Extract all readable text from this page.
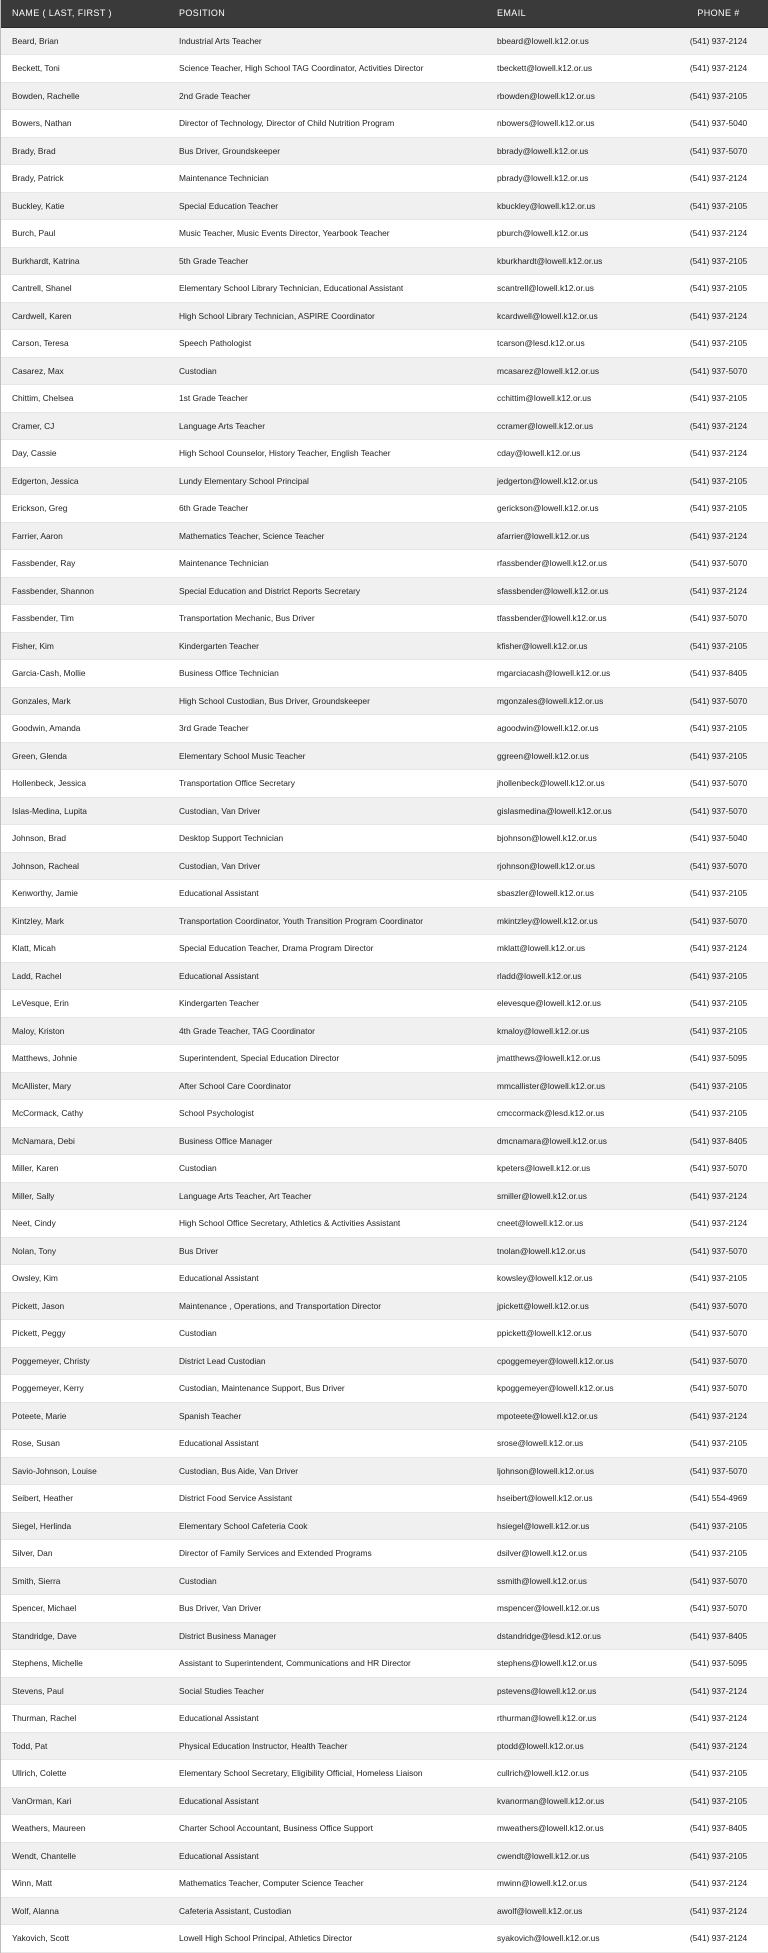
NAME ( LAST, FIRST )	POSITION	EMAIL	PHONE #
Beard, Brian	Industrial Arts Teacher	bbeard@lowell.k12.or.us	(541) 937-2124
Beckett, Toni	Science Teacher, High School TAG Coordinator, Activities Director	tbeckett@lowell.k12.or.us	(541) 937-2124
Bowden, Rachelle	2nd Grade Teacher	rbowden@lowell.k12.or.us	(541) 937-2105
Bowers, Nathan	Director of Technology, Director of Child Nutrition Program	nbowers@lowell.k12.or.us	(541) 937-5040
Brady, Brad	Bus Driver, Groundskeeper	bbrady@lowell.k12.or.us	(541) 937-5070
Brady, Patrick	Maintenance Technician	pbrady@lowell.k12.or.us	(541) 937-2124
Buckley, Katie	Special Education Teacher	kbuckley@lowell.k12.or.us	(541) 937-2105
Burch, Paul	Music Teacher, Music Events Director, Yearbook Teacher	pburch@lowell.k12.or.us	(541) 937-2124
Burkhardt, Katrina	5th Grade Teacher	kburkhardt@lowell.k12.or.us	(541) 937-2105
Cantrell, Shanel	Elementary School Library Technician, Educational Assistant	scantrell@lowell.k12.or.us	(541) 937-2105
Cardwell, Karen	High School Library Technician, ASPIRE Coordinator	kcardwell@lowell.k12.or.us	(541) 937-2124
Carson, Teresa	Speech Pathologist	tcarson@lesd.k12.or.us	(541) 937-2105
Casarez, Max	Custodian	mcasarez@lowell.k12.or.us	(541) 937-5070
Chittim, Chelsea	1st Grade Teacher	cchittim@lowell.k12.or.us	(541) 937-2105
Cramer, CJ	Language Arts Teacher	ccramer@lowell.k12.or.us	(541) 937-2124
Day, Cassie	High School Counselor, History Teacher, English Teacher	cday@lowell.k12.or.us	(541) 937-2124
Edgerton, Jessica	Lundy Elementary School Principal	jedgerton@lowell.k12.or.us	(541) 937-2105
Erickson, Greg	6th Grade Teacher	gerickson@lowell.k12.or.us	(541) 937-2105
Farrier, Aaron	Mathematics Teacher, Science Teacher	afarrier@lowell.k12.or.us	(541) 937-2124
Fassbender, Ray	Maintenance Technician	rfassbender@lowell.k12.or.us	(541) 937-5070
Fassbender, Shannon	Special Education and District Reports Secretary	sfassbender@lowell.k12.or.us	(541) 937-2124
Fassbender, Tim	Transportation Mechanic, Bus Driver	tfassbender@lowell.k12.or.us	(541) 937-5070
Fisher, Kim	Kindergarten Teacher	kfisher@lowell.k12.or.us	(541) 937-2105
Garcia-Cash, Mollie	Business Office Technician	mgarciacash@lowell.k12.or.us	(541) 937-8405
Gonzales, Mark	High School Custodian, Bus Driver, Groundskeeper	mgonzales@lowell.k12.or.us	(541) 937-5070
Goodwin, Amanda	3rd Grade Teacher	agoodwin@lowell.k12.or.us	(541) 937-2105
Green, Glenda	Elementary School Music Teacher	ggreen@lowell.k12.or.us	(541) 937-2105
Hollenbeck, Jessica	Transportation Office Secretary	jhollenbeck@lowell.k12.or.us	(541) 937-5070
Islas-Medina, Lupita	Custodian, Van Driver	gislasmedina@lowell.k12.or.us	(541) 937-5070
Johnson, Brad	Desktop Support Technician	bjohnson@lowell.k12.or.us	(541) 937-5040
Johnson, Racheal	Custodian, Van Driver	rjohnson@lowell.k12.or.us	(541) 937-5070
Kenworthy, Jamie	Educational Assistant	sbaszler@lowell.k12.or.us	(541) 937-2105
Kintzley, Mark	Transportation Coordinator, Youth Transition Program Coordinator	mkintzley@lowell.k12.or.us	(541) 937-5070
Klatt, Micah	Special Education Teacher, Drama Program Director	mklatt@lowell.k12.or.us	(541) 937-2124
Ladd, Rachel	Educational Assistant	rladd@lowell.k12.or.us	(541) 937-2105
LeVesque, Erin	Kindergarten Teacher	elevesque@lowell.k12.or.us	(541) 937-2105
Maloy, Kriston	4th Grade Teacher, TAG Coordinator	kmaloy@lowell.k12.or.us	(541) 937-2105
Matthews, Johnie	Superintendent, Special Education Director	jmatthews@lowell.k12.or.us	(541) 937-5095
McAllister, Mary	After School Care Coordinator	mmcallister@lowell.k12.or.us	(541) 937-2105
McCormack, Cathy	School Psychologist	cmccormack@lesd.k12.or.us	(541) 937-2105
McNamara, Debi	Business Office Manager	dmcnamara@lowell.k12.or.us	(541) 937-8405
Miller, Karen	Custodian	kpeters@lowell.k12.or.us	(541) 937-5070
Miller, Sally	Language Arts Teacher, Art Teacher	smiller@lowell.k12.or.us	(541) 937-2124
Neet, Cindy	High School Office Secretary, Athletics & Activities Assistant	cneet@lowell.k12.or.us	(541) 937-2124
Nolan, Tony	Bus Driver	tnolan@lowell.k12.or.us	(541) 937-5070
Owsley, Kim	Educational Assistant	kowsley@lowell.k12.or.us	(541) 937-2105
Pickett, Jason	Maintenance , Operations, and Transportation Director	jpickett@lowell.k12.or.us	(541) 937-5070
Pickett, Peggy	Custodian	ppickett@lowell.k12.or.us	(541) 937-5070
Poggemeyer, Christy	District Lead Custodian	cpoggemeyer@lowell.k12.or.us	(541) 937-5070
Poggemeyer, Kerry	Custodian, Maintenance Support, Bus Driver	kpoggemeyer@lowell.k12.or.us	(541) 937-5070
Poteete, Marie	Spanish Teacher	mpoteete@lowell.k12.or.us	(541) 937-2124
Rose, Susan	Educational Assistant	srose@lowell.k12.or.us	(541) 937-2105
Savio-Johnson, Louise	Custodian, Bus Aide, Van Driver	ljohnson@lowell.k12.or.us	(541) 937-5070
Seibert, Heather	District Food Service Assistant	hseibert@lowell.k12.or.us	(541) 554-4969
Siegel, Herlinda	Elementary School Cafeteria Cook	hsiegel@lowell.k12.or.us	(541) 937-2105
Silver, Dan	Director of Family Services and Extended Programs	dsilver@lowell.k12.or.us	(541) 937-2105
Smith, Sierra	Custodian	ssmith@lowell.k12.or.us	(541) 937-5070
Spencer, Michael	Bus Driver, Van Driver	mspencer@lowell.k12.or.us	(541) 937-5070
Standridge, Dave	District Business Manager	dstandridge@lesd.k12.or.us	(541) 937-8405
Stephens, Michelle	Assistant to Superintendent, Communications and HR Director	stephens@lowell.k12.or.us	(541) 937-5095
Stevens, Paul	Social Studies Teacher	pstevens@lowell.k12.or.us	(541) 937-2124
Thurman, Rachel	Educational Assistant	rthurman@lowell.k12.or.us	(541) 937-2124
Todd, Pat	Physical Education Instructor, Health Teacher	ptodd@lowell.k12.or.us	(541) 937-2124
Ullrich, Colette	Elementary School Secretary, Eligibility Official, Homeless Liaison	cullrich@lowell.k12.or.us	(541) 937-2105
VanOrman, Kari	Educational Assistant	kvanorman@lowell.k12.or.us	(541) 937-2105
Weathers, Maureen	Charter School Accountant, Business Office Support	mweathers@lowell.k12.or.us	(541) 937-8405
Wendt, Chantelle	Educational Assistant	cwendt@lowell.k12.or.us	(541) 937-2105
Winn, Matt	Mathematics Teacher, Computer Science Teacher	mwinn@lowell.k12.or.us	(541) 937-2124
Wolf, Alanna	Cafeteria Assistant, Custodian	awolf@lowell.k12.or.us	(541) 937-2124
Yakovich, Scott	Lowell High School Principal, Athletics Director	syakovich@lowell.k12.or.us	(541) 937-2124
